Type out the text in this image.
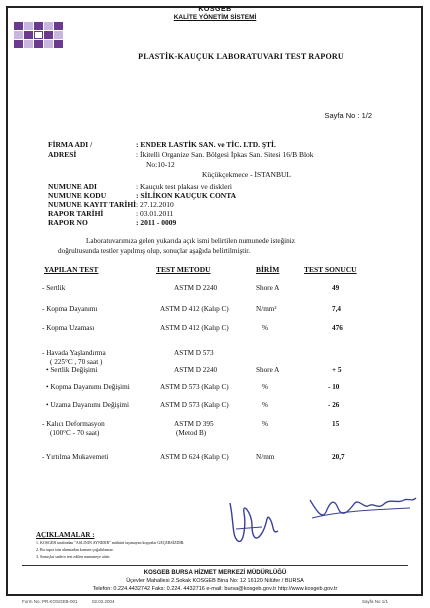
KOSGEB
KALİTE YÖNETİM SİSTEMİ
PLASTİK-KAUÇUK LABORATUVARI TEST RAPORU
Sayfa No : 1/2
FİRMA ADI /	: ENDER LASTİK SAN. ve TİC. LTD. ŞTİ.
ADRESİ	: İkitelli Organize San. Bölgesi İpkas San. Sitesi 16/B Blok
No:10-12
Küçükçekmece - İSTANBUL
NUMUNE ADI	: Kauçuk test plakası ve diskleri
NUMUNE KODU	: SİLİKON KAUÇUK CONTA
NUMUNE KAYIT TARİHİ : 27.12.2010
RAPOR TARİHİ	: 03.01.2011
RAPOR NO	: 2011 - 0009
Laboratuvarımıza gelen yukarıda açık ismi belirtilen numunede isteğiniz
doğrultusunda testler yapılmış olup, sonuçlar aşağıda belirtilmiştir.
YAPILAN TEST	TEST METODU	BİRİM	TEST SONUCU
- Sertlik	ASTM D 2240	Shore A	49
- Kopma Dayanımı	ASTM D 412 (Kalıp C)	N/mm²	7,4
- Kopma Uzaması	ASTM D 412 (Kalıp C)	%	476
- Havada Yaşlandırma	ASTM D 573
( 225°C , 70 saat )
• Sertlik Değişimi	ASTM D 2240	Shore A	+ 5
• Kopma Dayanımı Değişimi	ASTM D 573 (Kalıp C)	%	- 10
• Uzama Dayanımı Değişimi	ASTM D 573 (Kalıp C)	%	- 26
- Kalıcı Deformasyon	ASTM D 395	%	15
(100°C - 70 saat)	(Metod B)
- Yırtılma Mukavemeti	ASTM D 624 (Kalıp C)	N/mm	20,7
AÇIKLAMALAR :
1. KOSGEB tarafından "ASLININ AYNIDIR" mühürü taşımayan kopyalar GEÇERSİZDİR.
2. Bu rapor izin alınmadan kısmen çoğaltılamaz.
3. Sonuçlar sadece test edilen numuneye aittir.
KOSGEB BURSA HİZMET MERKEZİ MÜDÜRLÜĞÜ
Üçevler Mahallesi 2.Sokak KOSGEB Bina No: 12 16120 Nilüfer / BURSA
Telefon: 0.224.4432742 Faks: 0.224. 4432716 e-mail: bursa@kosgeb.gov.tr http://www.kosgeb.gov.tr
Form No: PR.KOSGEB-001	02.02.2004	Sayfa No 1/1
